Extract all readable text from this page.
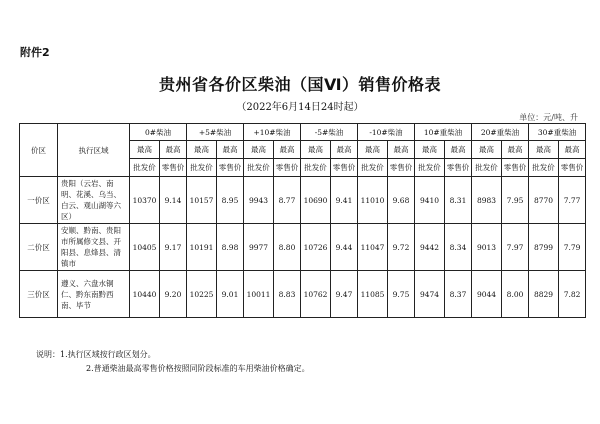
附件2
贵州省各价区柴油（国Ⅵ）销售价格表
（2022年6月14日24时起）
单位：元/吨、升
价区	执行区域	0#柴油		+5#柴油		+10#柴油		-5#柴油		-10#柴油		10#重柴油		20#重柴油		30#重柴油	
		最高	最高	最高	最高	最高	最高	最高	最高	最高	最高	最高	最高	最高	最高	最高	最高
		批发价	零售价	批发价	零售价	批发价	零售价	批发价	零售价	批发价	零售价	批发价	零售价	批发价	零售价	批发价	零售价
一价区	贵阳（云岩、南明、花溪、乌当、白云、观山湖等六区）	10370	9.14	10157	8.95	9943	8.77	10690	9.41	11010	9.68	9410	8.31	8983	7.95	8770	7.77
二价区	安顺、黔南、贵阳市所属修文县、开阳县、息烽县、清镇市	10405	9.17	10191	8.98	9977	8.80	10726	9.44	11047	9.72	9442	8.34	9013	7.97	8799	7.79
三价区	遵义、六盘水铜仁、黔东南黔西南、毕节	10440	9.20	10225	9.01	10011	8.83	10762	9.47	11085	9.75	9474	8.37	9044	8.00	8829	7.82
说明：1.执行区域按行政区划分。
2.普通柴油最高零售价格按照同阶段标准的车用柴油价格确定。
